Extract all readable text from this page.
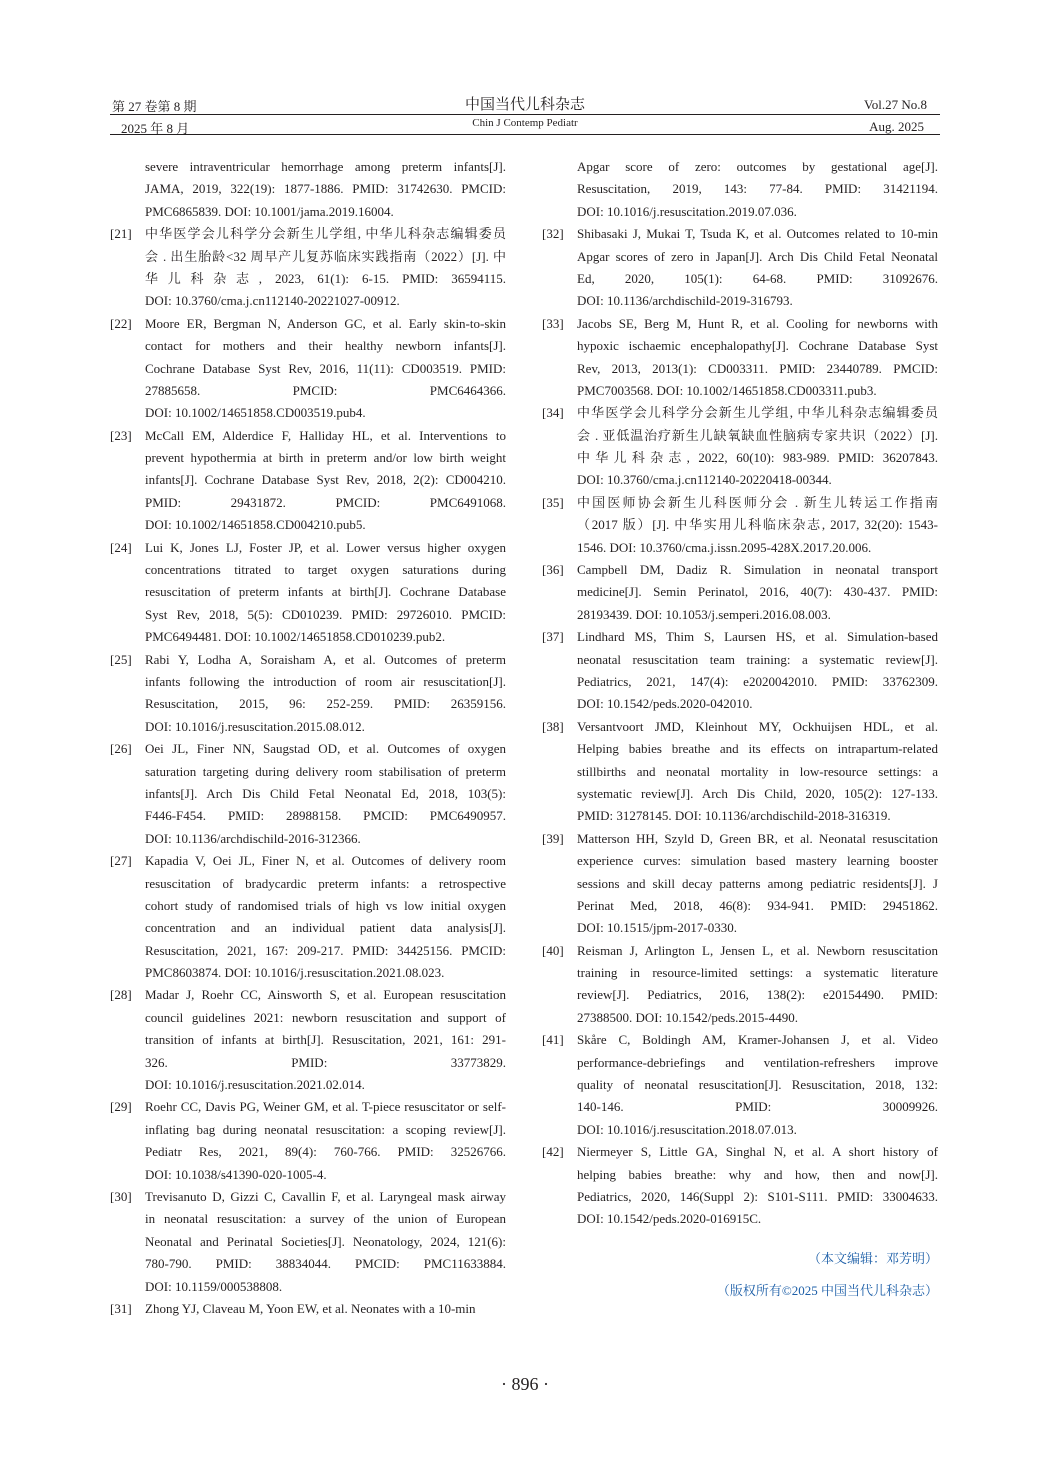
第 27 卷第 8 期
2025 年 8 月
中国当代儿科杂志
Chin J Contemp Pediatr
Vol.27 No.8
Aug. 2025
severe intraventricular hemorrhage among preterm infants[J].
JAMA, 2019, 322(19): 1877-1886. PMID: 31742630. PMCID:
PMC6865839. DOI: 10.1001/jama.2019.16004.
[21] 中华医学会儿科学分会新生儿学组, 中华儿科杂志编辑委员
会 . 出生胎龄<32 周早产儿复苏临床实践指南（2022）[J]. 中
华儿科杂志, 2023, 61(1): 6-15. PMID: 36594115.
DOI: 10.3760/cma.j.cn112140-20221027-00912.
[22] Moore ER, Bergman N, Anderson GC, et al. Early skin-to-skin
contact for mothers and their healthy newborn infants[J].
Cochrane Database Syst Rev, 2016, 11(11): CD003519. PMID:
27885658. PMCID: PMC6464366.
DOI: 10.1002/14651858.CD003519.pub4.
[23] McCall EM, Alderdice F, Halliday HL, et al. Interventions to
prevent hypothermia at birth in preterm and/or low birth weight
infants[J]. Cochrane Database Syst Rev, 2018, 2(2): CD004210.
PMID: 29431872. PMCID: PMC6491068.
DOI: 10.1002/14651858.CD004210.pub5.
[24] Lui K, Jones LJ, Foster JP, et al. Lower versus higher oxygen
concentrations titrated to target oxygen saturations during
resuscitation of preterm infants at birth[J]. Cochrane Database
Syst Rev, 2018, 5(5): CD010239. PMID: 29726010. PMCID:
PMC6494481. DOI: 10.1002/14651858.CD010239.pub2.
[25] Rabi Y, Lodha A, Soraisham A, et al. Outcomes of preterm
infants following the introduction of room air resuscitation[J].
Resuscitation, 2015, 96: 252-259. PMID: 26359156.
DOI: 10.1016/j.resuscitation.2015.08.012.
[26] Oei JL, Finer NN, Saugstad OD, et al. Outcomes of oxygen
saturation targeting during delivery room stabilisation of preterm
infants[J]. Arch Dis Child Fetal Neonatal Ed, 2018, 103(5):
F446-F454. PMID: 28988158. PMCID: PMC6490957.
DOI: 10.1136/archdischild-2016-312366.
[27] Kapadia V, Oei JL, Finer N, et al. Outcomes of delivery room
resuscitation of bradycardic preterm infants: a retrospective
cohort study of randomised trials of high vs low initial oxygen
concentration and an individual patient data analysis[J].
Resuscitation, 2021, 167: 209-217. PMID: 34425156. PMCID:
PMC8603874. DOI: 10.1016/j.resuscitation.2021.08.023.
[28] Madar J, Roehr CC, Ainsworth S, et al. European resuscitation
council guidelines 2021: newborn resuscitation and support of
transition of infants at birth[J]. Resuscitation, 2021, 161: 291-
326. PMID: 33773829.
DOI: 10.1016/j.resuscitation.2021.02.014.
[29] Roehr CC, Davis PG, Weiner GM, et al. T-piece resuscitator or self-
inflating bag during neonatal resuscitation: a scoping review[J].
Pediatr Res, 2021, 89(4): 760-766. PMID: 32526766.
DOI: 10.1038/s41390-020-1005-4.
[30] Trevisanuto D, Gizzi C, Cavallin F, et al. Laryngeal mask airway
in neonatal resuscitation: a survey of the union of European
Neonatal and Perinatal Societies[J]. Neonatology, 2024, 121(6):
780-790. PMID: 38834044. PMCID: PMC11633884.
DOI: 10.1159/000538808.
[31] Zhong YJ, Claveau M, Yoon EW, et al. Neonates with a 10-min
Apgar score of zero: outcomes by gestational age[J].
Resuscitation, 2019, 143: 77-84. PMID: 31421194.
DOI: 10.1016/j.resuscitation.2019.07.036.
[32] Shibasaki J, Mukai T, Tsuda K, et al. Outcomes related to 10-min
Apgar scores of zero in Japan[J]. Arch Dis Child Fetal Neonatal
Ed, 2020, 105(1): 64-68. PMID: 31092676.
DOI: 10.1136/archdischild-2019-316793.
[33] Jacobs SE, Berg M, Hunt R, et al. Cooling for newborns with
hypoxic ischaemic encephalopathy[J]. Cochrane Database Syst
Rev, 2013, 2013(1): CD003311. PMID: 23440789. PMCID:
PMC7003568. DOI: 10.1002/14651858.CD003311.pub3.
[34] 中华医学会儿科学分会新生儿学组, 中华儿科杂志编辑委员
会 . 亚低温治疗新生儿缺氧缺血性脑病专家共识（2022）[J].
中华儿科杂志, 2022, 60(10): 983-989. PMID: 36207843.
DOI: 10.3760/cma.j.cn112140-20220418-00344.
[35] 中国医师协会新生儿科医师分会 . 新生儿转运工作指南
（2017 版）[J]. 中华实用儿科临床杂志, 2017, 32(20): 1543-
1546. DOI: 10.3760/cma.j.issn.2095-428X.2017.20.006.
[36] Campbell DM, Dadiz R. Simulation in neonatal transport
medicine[J]. Semin Perinatol, 2016, 40(7): 430-437. PMID:
28193439. DOI: 10.1053/j.semperi.2016.08.003.
[37] Lindhard MS, Thim S, Laursen HS, et al. Simulation-based
neonatal resuscitation team training: a systematic review[J].
Pediatrics, 2021, 147(4): e2020042010. PMID: 33762309.
DOI: 10.1542/peds.2020-042010.
[38] Versantvoort JMD, Kleinhout MY, Ockhuijsen HDL, et al.
Helping babies breathe and its effects on intrapartum-related
stillbirths and neonatal mortality in low-resource settings: a
systematic review[J]. Arch Dis Child, 2020, 105(2): 127-133.
PMID: 31278145. DOI: 10.1136/archdischild-2018-316319.
[39] Matterson HH, Szyld D, Green BR, et al. Neonatal resuscitation
experience curves: simulation based mastery learning booster
sessions and skill decay patterns among pediatric residents[J]. J
Perinat Med, 2018, 46(8): 934-941. PMID: 29451862.
DOI: 10.1515/jpm-2017-0330.
[40] Reisman J, Arlington L, Jensen L, et al. Newborn resuscitation
training in resource-limited settings: a systematic literature
review[J]. Pediatrics, 2016, 138(2): e20154490. PMID:
27388500. DOI: 10.1542/peds.2015-4490.
[41] Skåre C, Boldingh AM, Kramer-Johansen J, et al. Video
performance-debriefings and ventilation-refreshers improve
quality of neonatal resuscitation[J]. Resuscitation, 2018, 132:
140-146. PMID: 30009926.
DOI: 10.1016/j.resuscitation.2018.07.013.
[42] Niermeyer S, Little GA, Singhal N, et al. A short history of
helping babies breathe: why and how, then and now[J].
Pediatrics, 2020, 146(Suppl 2): S101-S111. PMID: 33004633.
DOI: 10.1542/peds.2020-016915C.
（本文编辑：邓芳明）
（版权所有©2025 中国当代儿科杂志）
· 896 ·
